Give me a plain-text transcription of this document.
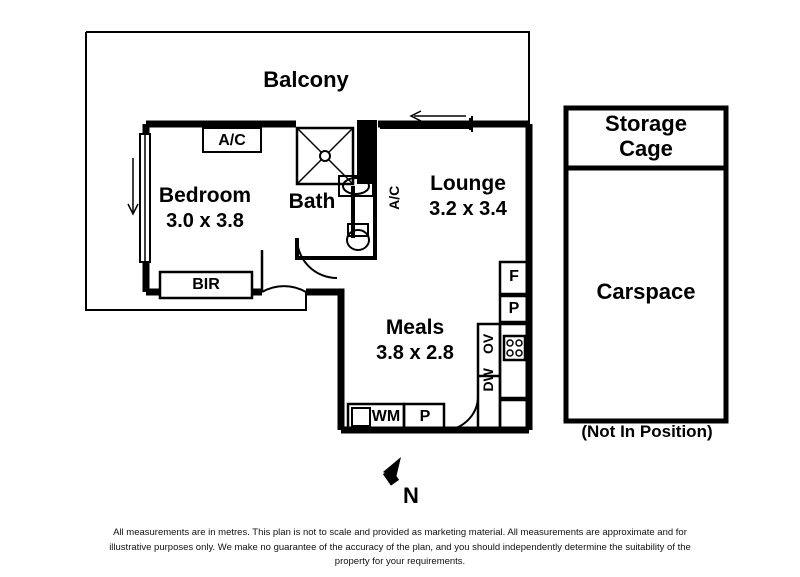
Balcony
Bedroom
3.0 x 3.8
Bath
Lounge
3.2 x 3.4
Meals
3.8 x 2.8
A/C
A/C
BIR	F
P
DW
OV
WM	P
Storage
Cage
Carspace
(Not In Position)
N
All measurements are in metres. This plan is not to scale and provided as marketing material. All measurements are approximate and for illustrative purposes only. We make no guarantee of the accuracy of the plan, and you should independently determine the suitability of the property for your requirements.
